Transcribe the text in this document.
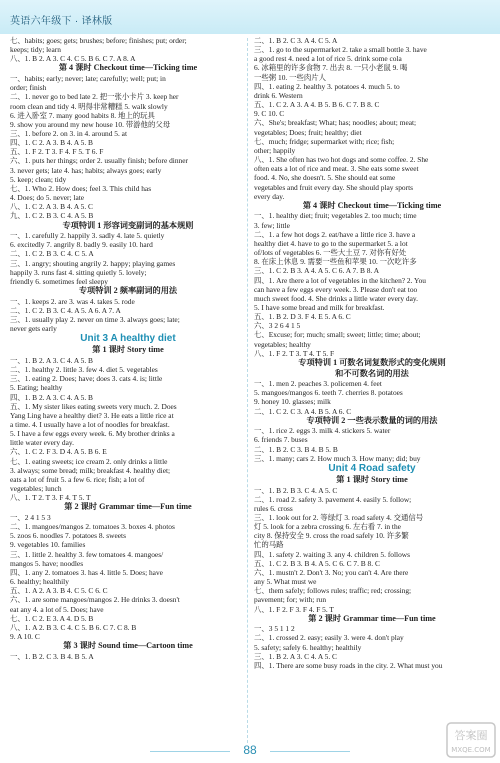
英语六年级下 · 译林版
七、habits; goes; gets; brushes; before; finishes; put; order;
keeps; tidy; learn
八、1. B 2. A 3. C 4. C 5. B 6. C 7. A 8. A
第 4 课时 Checkout time—Ticking time
一、habits; early; never; late; carefully; well; put; in
order; finish
二、1. never go to bed late 2. 把一张小卡片 3. keep her
room clean and tidy 4. 明得非常糟糕 5. walk slowly
6. 进入卧室 7. many good habits 8. 地上的玩具
9. show you around my new house 10. 带游他的父母
三、1. before 2. on 3. in 4. around 5. at
四、1. C 2. A 3. B 4. A 5. B
五、1. F 2. T 3. F 4. F 5. T 6. F
六、1. puts her things; order 2. usually finish; before dinner
3. never gets; late 4. has; habits; always goes; early
5. keep; clean; tidy
七、1. Who 2. How does; feel 3. This child has
4. Does; do 5. never; late
八、1. C 2. A 3. B 4. A 5. C
九、1. C 2. B 3. C 4. A 5. B
专项特训 1 形容词变副词的基本规则
一、1. carefully 2. happily 3. sadly 4. late 5. quietly
6. excitedly 7. angrily 8. badly 9. easily 10. hard
二、1. C 2. B 3. C 4. C 5. A
三、1. angry; shouting angrily 2. happy; playing games
happily 3. runs fast 4. sitting quietly 5. lovely;
friendly 6. sometimes feel sleepy
专项特训 2 频率副词的用法
一、1. keeps 2. are 3. was 4. takes 5. rode
二、1. C 2. B 3. C 4. A 5. A 6. A 7. A
三、1. usually play 2. never on time 3. always goes; late;
never gets early
Unit 3 A healthy diet
第 1 课时 Story time
一、1. B 2. A 3. C 4. A 5. B
二、1. healthy 2. little 3. few 4. diet 5. vegetables
三、1. eating 2. Does; have; does 3. cats 4. is; little
5. Eating; healthy
四、1. B 2. A 3. C 4. A 5. B
五、1. My sister likes eating sweets very much. 2. Does
Yang Ling have a healthy diet? 3. He eats a little rice at
a time. 4. I usually have a lot of noodles for breakfast.
5. I have a few eggs every week. 6. My brother drinks a
little water every day.
六、1. C 2. F 3. D 4. A 5. B 6. E
七、1. eating sweets; ice cream 2. only drinks a little
3. always; some bread; milk; breakfast 4. healthy diet;
eats a lot of fruit 5. a few 6. rice; fish; a lot of
vegetables; lunch
八、1. T 2. T 3. F 4. T 5. T
第 2 课时 Grammar time—Fun time
一、2 4 1 5 3
二、1. mangoes/mangos 2. tomatoes 3. boxes 4. photos
5. zoos 6. noodles 7. potatoes 8. sweets
9. vegetables 10. families
三、1. little 2. healthy 3. few tomatoes 4. mangoes/
mangos 5. have; noodles
四、1. any 2. tomatoes 3. has 4. little 5. Does; have
6. healthy; healthily
五、1. A 2. A 3. B 4. C 5. C 6. C
六、1. are some mangoes/mangos 2. He drinks 3. doesn't
eat any 4. a lot of 5. Does; have
七、1. C 2. E 3. A 4. D 5. B
八、1. A 2. B 3. C 4. C 5. B 6. C 7. C 8. B
9. A 10. C
第 3 课时 Sound time—Cartoon time
一、1. B 2. C 3. B 4. B 5. A
二、1. B 2. C 3. A 4. C 5. A
三、1. go to the supermarket 2. take a small bottle 3. have
a good rest 4. need a lot of rice 5. drink some cola
6. 冰箱里的许多食物 7. 出去 8. 一只小老鼠 9. 喝
一些粥 10. 一些肉片人
四、1. eating 2. healthy 3. potatoes 4. much 5. to
drink 6. Western
五、1. C 2. A 3. A 4. B 5. B 6. C 7. B 8. C
9. C 10. C
六、She's; breakfast; What; has; noodles; about; meat;
vegetables; Does; fruit; healthy; diet
七、much; fridge; supermarket with; rice; fish;
other; happily
八、1. She often has two hot dogs and some coffee. 2. She
often eats a lot of rice and meat. 3. She eats some sweet
food. 4. No, she doesn't. 5. She should eat some
vegetables and fruit every day. She should play sports
every day.
第 4 课时 Checkout time—Ticking time
一、1. healthy diet; fruit; vegetables 2. too much; time
3. few; little
二、1. a few hot dogs 2. eat/have a little rice 3. have a
healthy diet 4. have to go to the supermarket 5. a lot
of/lots of vegetables 6. 一些大土豆 7. 对你有好处
8. 在床上休息 9. 需要一些鱼和苹果 10. 一次吃许多
三、1. C 2. B 3. A 4. A 5. C 6. A 7. B 8. A
四、1. Are there a lot of vegetables in the kitchen? 2. You
can have a few eggs every week. 3. Please don't eat too
much sweet food. 4. She drinks a little water every day.
5. I have some bread and milk for breakfast.
五、1. B 2. D 3. F 4. E 5. A 6. C
六、3 2 6 4 1 5
七、Excuse; for; much; small; sweet; little; time; about;
vegetables; healthy
八、1. F 2. T 3. T 4. T 5. F
专项特训 1 可数名词复数形式的变化规则
和不可数名词的用法
一、1. men 2. peaches 3. policemen 4. feet
5. mangoes/mangos 6. teeth 7. cherries 8. potatoes
9. honey 10. glasses; milk
二、1. C 2. C 3. A 4. B 5. A 6. C
专项特训 2 一些表示数量的词的用法
一、1. rice 2. eggs 3. milk 4. stickers 5. water
6. friends 7. buses
二、1. B 2. C 3. B 4. B 5. B
三、1. many; cars 2. How much 3. How many; did; buy
Unit 4 Road safety
第 1 课时 Story time
一、1. B 2. B 3. C 4. A 5. C
二、1. road 2. safety 3. pavement 4. easily 5. follow;
rules 6. cross
三、1. look out for 2. 等绿灯 3. road safety 4. 交通信号
灯 5. look for a zebra crossing 6. 左右看 7. in the
city 8. 保持安全 9. cross the road safely 10. 许多繁
忙的马路
四、1. safety 2. waiting 3. any 4. children 5. follows
五、1. C 2. B 3. B 4. A 5. C 6. C 7. B 8. C
六、1. mustn't 2. Don't 3. No; you can't 4. Are there
any 5. What must we
七、them safely; follows rules; traffic; red; crossing;
pavement; for; with; run
八、1. F 2. F 3. F 4. F 5. T
第 2 课时 Grammar time—Fun time
一、3 5 1 1 2
二、1. crossed 2. easy; easily 3. were 4. don't play
5. safety; safely 6. healthy; healthily
三、1. B 2. A 3. C 4. A 5. C
四、1. There are some busy roads in the city. 2. What must you
88
答案圈
MXQE.COM
